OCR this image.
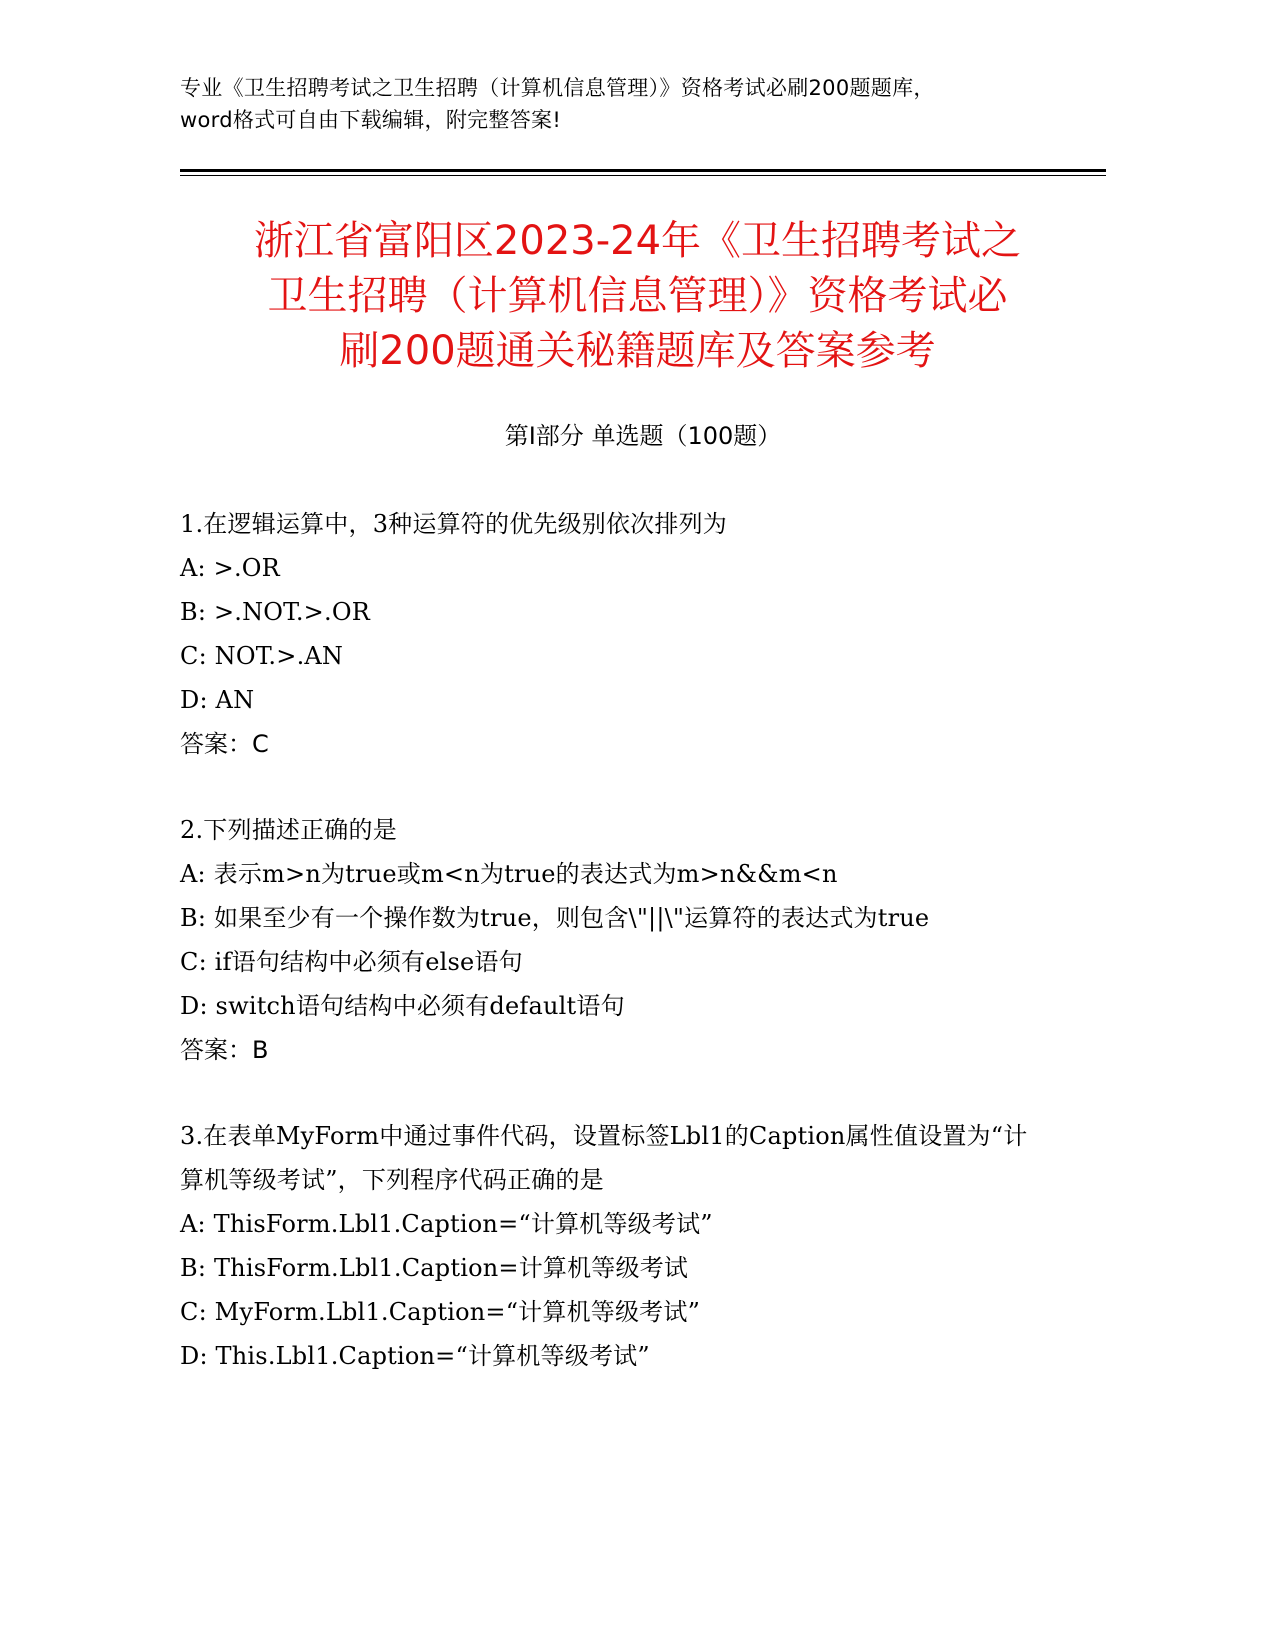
专业《卫生招聘考试之卫生招聘（计算机信息管理）》资格考试必刷200题题库，
word格式可自由下载编辑，附完整答案!
浙江省富阳区2023-24年《卫生招聘考试之
卫生招聘（计算机信息管理）》资格考试必
刷200题通关秘籍题库及答案参考
第Ⅰ部分 单选题（100题）
1.在逻辑运算中，3种运算符的优先级别依次排列为
A: >.OR
B: >.NOT.>.OR
C: NOT.>.AN
D: AN
答案：C
2.下列描述正确的是
A: 表示m>n为true或m<n为true的表达式为m>n&&m<n
B: 如果至少有一个操作数为true，则包含\"||\"运算符的表达式为true
C: if语句结构中必须有else语句
D: switch语句结构中必须有default语句
答案：B
3.在表单MyForm中通过事件代码，设置标签Lbl1的Caption属性值设置为“计算机等级考试”，下列程序代码正确的是
A: ThisForm.Lbl1.Caption=“计算机等级考试”
B: ThisForm.Lbl1.Caption=计算机等级考试
C: MyForm.Lbl1.Caption=“计算机等级考试”
D: This.Lbl1.Caption=“计算机等级考试”
